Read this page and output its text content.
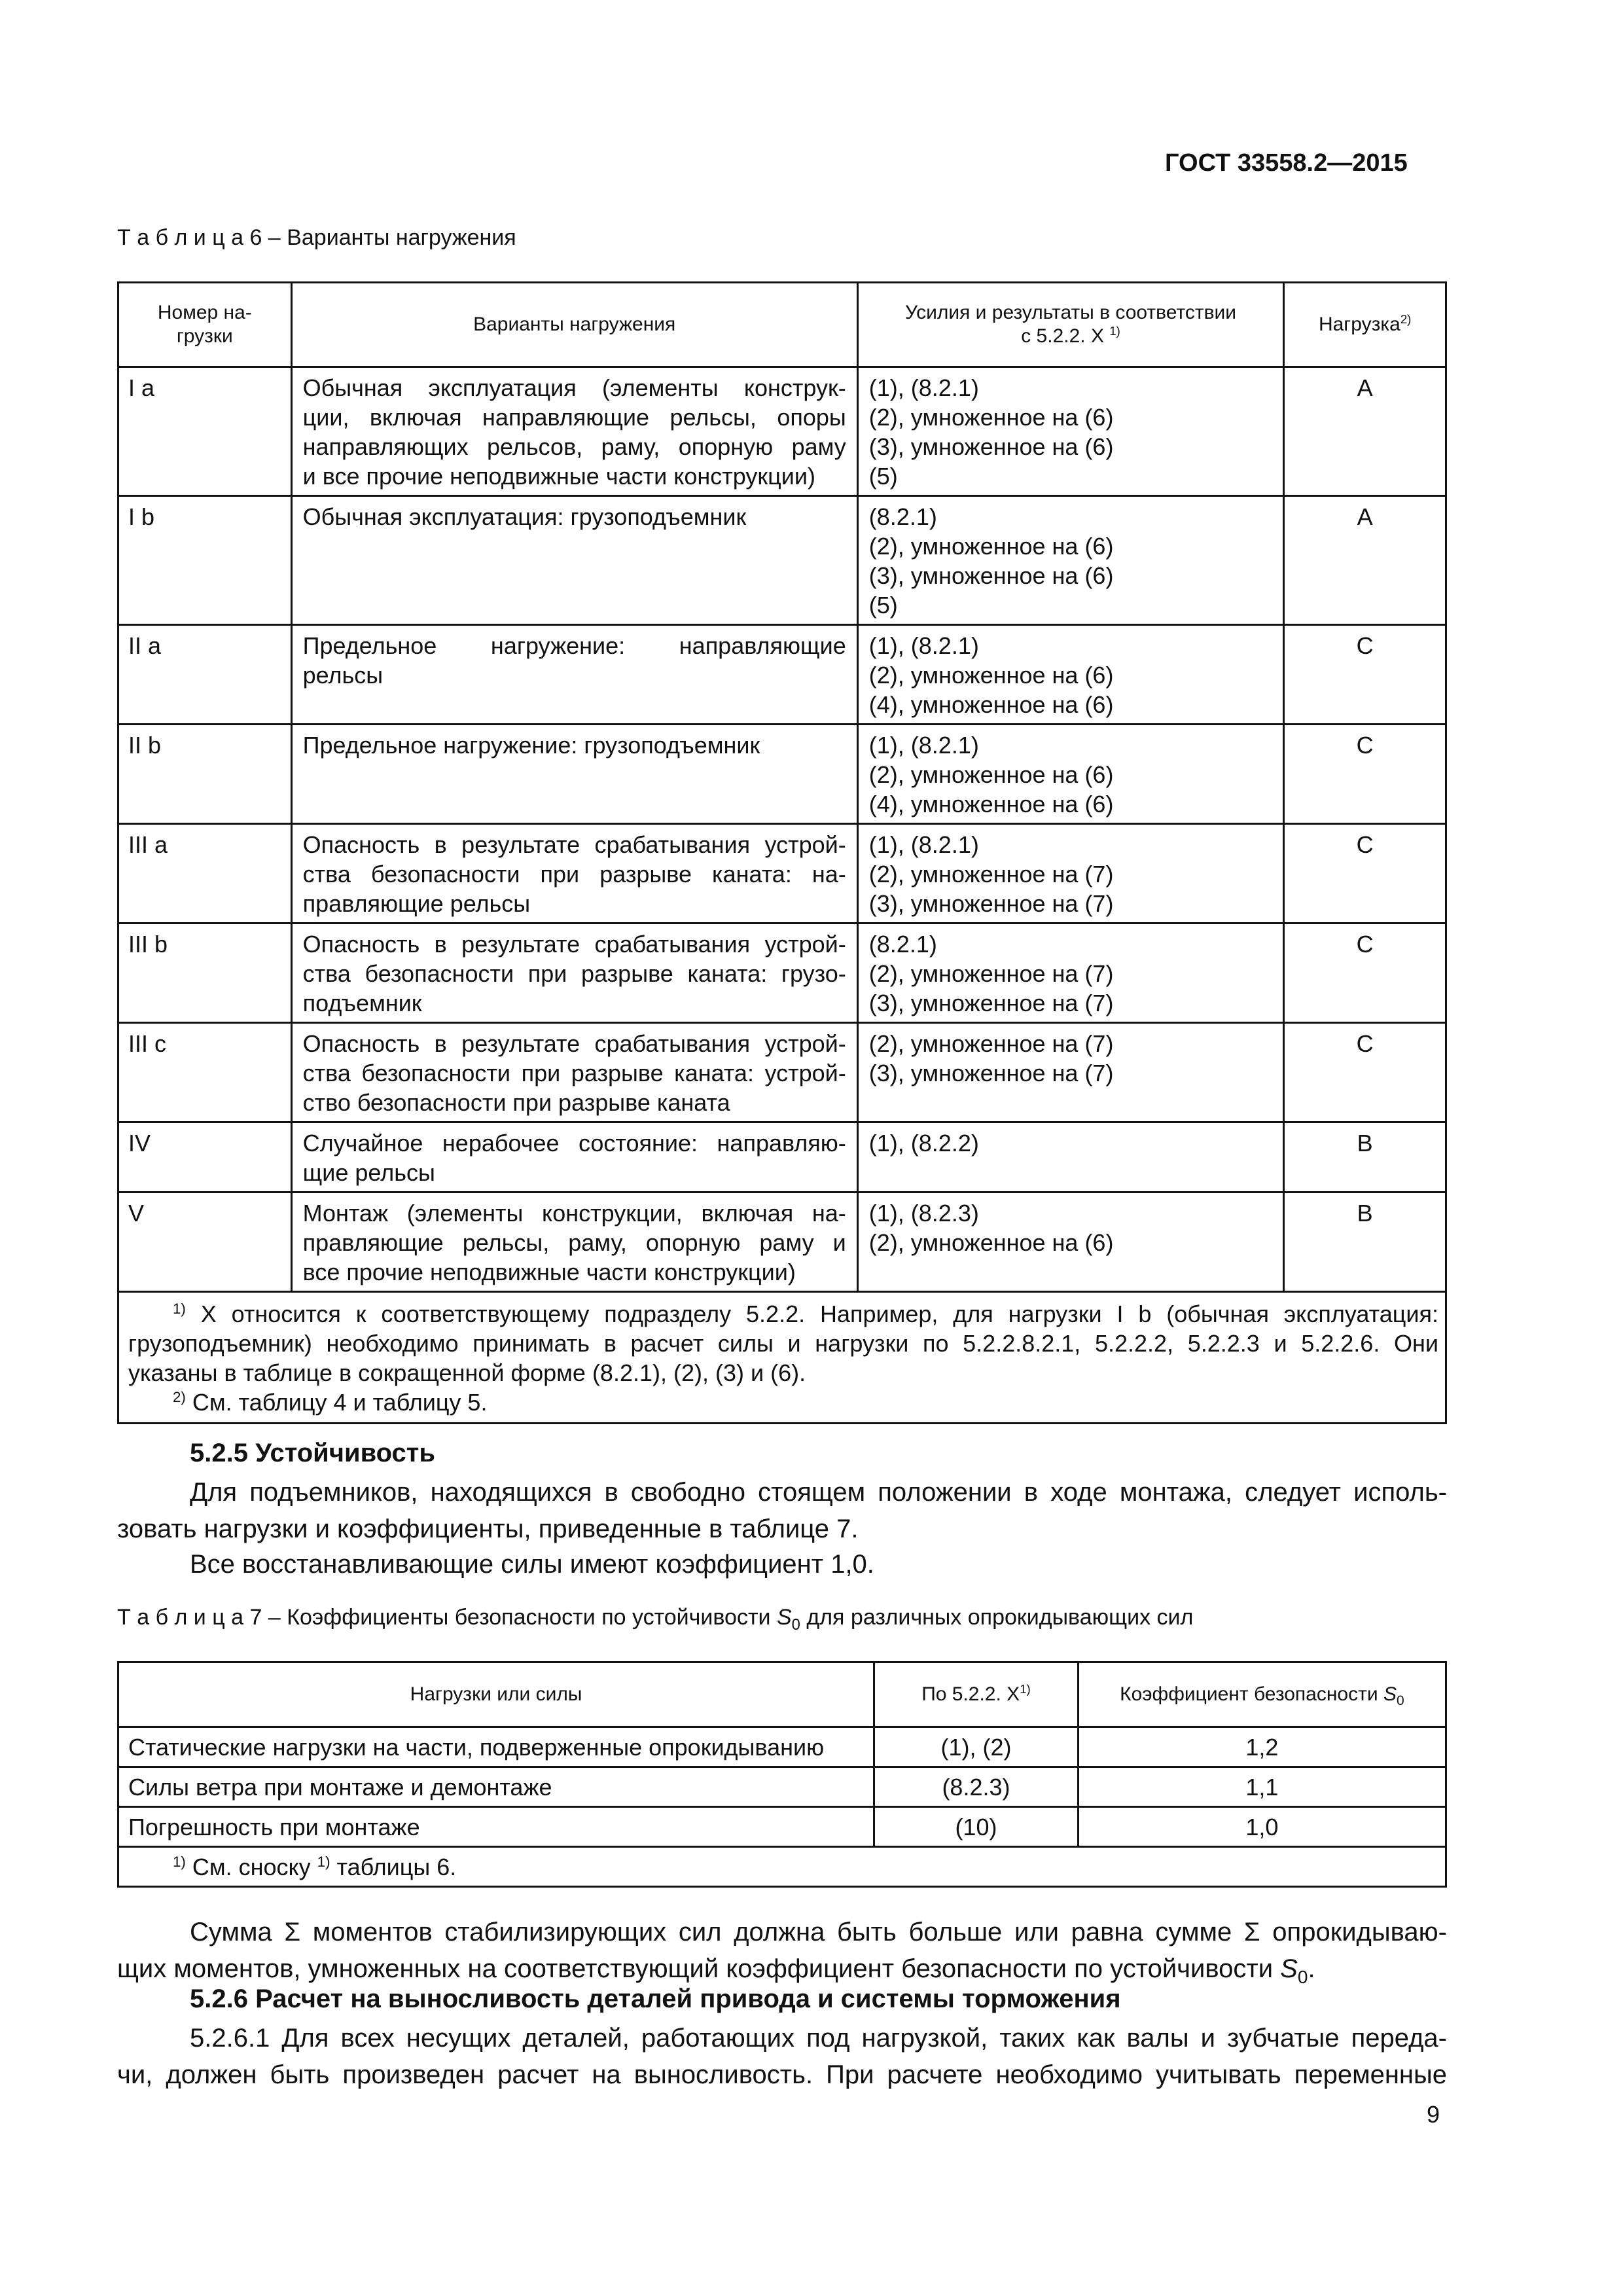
ГОСТ 33558.2—2015
Т а б л и ц а 6 – Варианты нагружения
Номер на-
грузки	Варианты нагружения	Усилия и результаты в соответствии
с 5.2.2. Х $^{1)}$	Нагрузка$^{2)}$
I a	Обычная эксплуатация (элементы конструк-
ции, включая направляющие рельсы, опоры
направляющих рельсов, раму, опорную раму
и все прочие неподвижные части конструкции)	(1), (8.2.1)
(2), умноженное на (6)
(3), умноженное на (6)
(5)	A
I b	Обычная эксплуатация: грузоподъемник	(8.2.1)
(2), умноженное на (6)
(3), умноженное на (6)
(5)	A
II a	Предельное нагружение: направляющие
рельсы	(1), (8.2.1)
(2), умноженное на (6)
(4), умноженное на (6)	C
II b	Предельное нагружение: грузоподъемник	(1), (8.2.1)
(2), умноженное на (6)
(4), умноженное на (6)	C
III a	Опасность в результате срабатывания устрой-
ства безопасности при разрыве каната: на-
правляющие рельсы	(1), (8.2.1)
(2), умноженное на (7)
(3), умноженное на (7)	C
III b	Опасность в результате срабатывания устрой-
ства безопасности при разрыве каната: грузо-
подъемник	(8.2.1)
(2), умноженное на (7)
(3), умноженное на (7)	C
III c	Опасность в результате срабатывания устрой-
ства безопасности при разрыве каната: устрой-
ство безопасности при разрыве каната	(2), умноженное на (7)
(3), умноженное на (7)	C
IV	Случайное нерабочее состояние: направляю-
щие рельсы	(1), (8.2.2)	B
V	Монтаж (элементы конструкции, включая на-
правляющие рельсы, раму, опорную раму и
все прочие неподвижные части конструкции)	(1), (8.2.3)
(2), умноженное на (6)	B

$^{1)}$ Х относится к соответствующему подразделу 5.2.2. Например, для нагрузки I b (обычная эксплуатация:
грузоподъемник) необходимо принимать в расчет силы и нагрузки по 5.2.2.8.2.1, 5.2.2.2, 5.2.2.3 и 5.2.2.6. Они
указаны в таблице в сокращенной форме (8.2.1), (2), (3) и (6).
$^{2)}$ См. таблицу 4 и таблицу 5.			
5.2.5 Устойчивость
Для подъемников, находящихся в свободно стоящем положении в ходе монтажа, следует исполь-
зовать нагрузки и коэффициенты, приведенные в таблице 7.
Все восстанавливающие силы имеют коэффициент 1,0.
Т а б л и ц а 7 – Коэффициенты безопасности по устойчивости $S_0$ для различных опрокидывающих сил
Нагрузки или силы	По 5.2.2. $Х^{1)}$	Коэффициент безопасности $S_0$
Статические нагрузки на части, подверженные опрокидыванию	(1), (2)	1,2
Силы ветра при монтаже и демонтаже	(8.2.3)	1,1
Погрешность при монтаже	(10)	1,0
$^{1)}$ См. сноску $^{1)}$ таблицы 6.		
Сумма Σ моментов стабилизирующих сил должна быть больше или равна сумме Σ опрокидываю-
щих моментов, умноженных на соответствующий коэффициент безопасности по устойчивости $S_0$.
5.2.6 Расчет на выносливость деталей привода и системы торможения
5.2.6.1 Для всех несущих деталей, работающих под нагрузкой, таких как валы и зубчатые переда-
чи, должен быть произведен расчет на выносливость. При расчете необходимо учитывать переменные
9
